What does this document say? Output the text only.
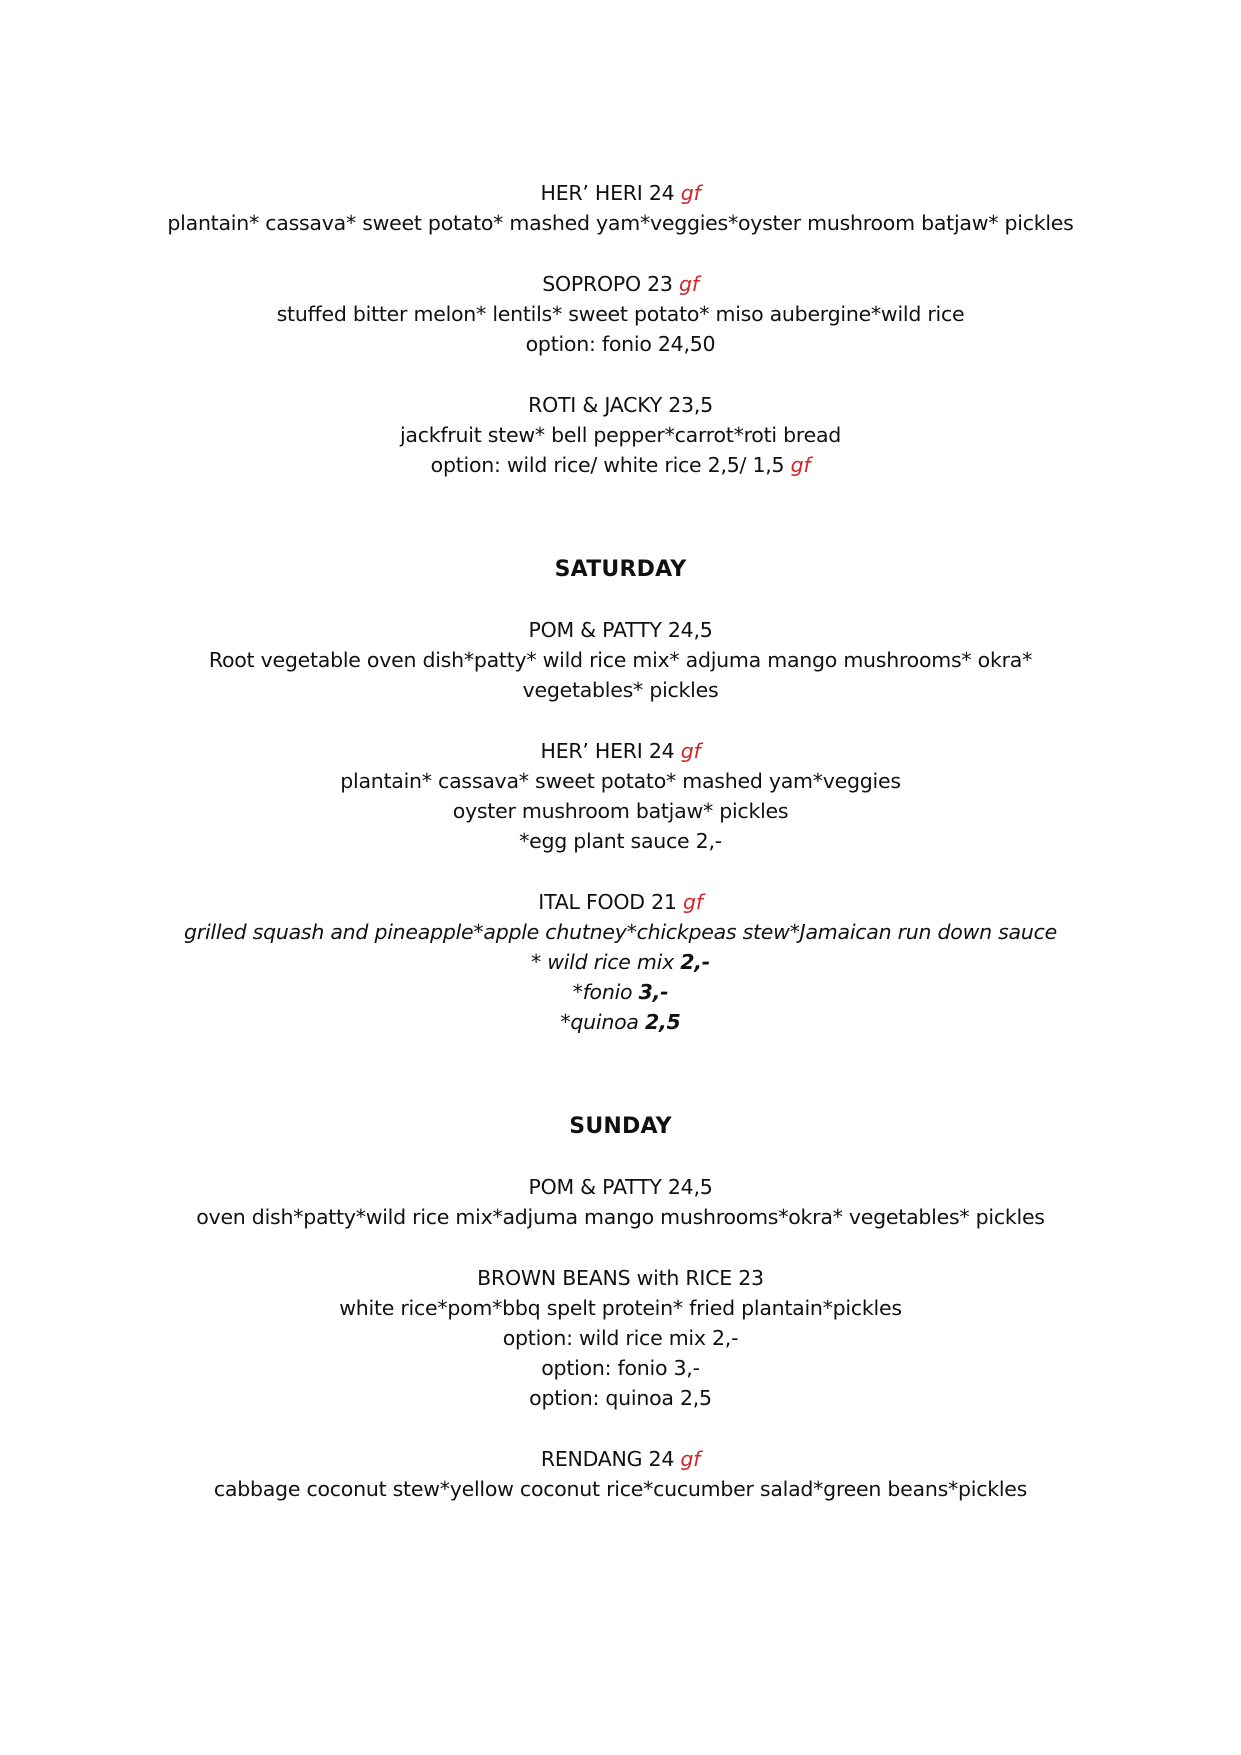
HER’ HERI 24 gf
plantain* cassava* sweet potato* mashed yam*veggies*oyster mushroom batjaw* pickles
SOPROPO 23 gf
stuffed bitter melon* lentils* sweet potato* miso aubergine*wild rice
option: fonio 24,50
ROTI & JACKY 23,5
jackfruit stew* bell pepper*carrot*roti bread
option: wild rice/ white rice 2,5/ 1,5 gf
SATURDAY
POM & PATTY 24,5
Root vegetable oven dish*patty* wild rice mix* adjuma mango mushrooms* okra*
vegetables* pickles
HER’ HERI 24 gf
plantain* cassava* sweet potato* mashed yam*veggies
oyster mushroom batjaw* pickles
*egg plant sauce 2,-
ITAL FOOD 21 gf
grilled squash and pineapple*apple chutney*chickpeas stew*Jamaican run down sauce
* wild rice mix 2,-
*fonio 3,-
*quinoa 2,5
SUNDAY
POM & PATTY 24,5
oven dish*patty*wild rice mix*adjuma mango mushrooms*okra* vegetables* pickles
BROWN BEANS with RICE 23
white rice*pom*bbq spelt protein* fried plantain*pickles
option: wild rice mix 2,-
option: fonio 3,-
option: quinoa 2,5
RENDANG 24 gf
cabbage coconut stew*yellow coconut rice*cucumber salad*green beans*pickles
